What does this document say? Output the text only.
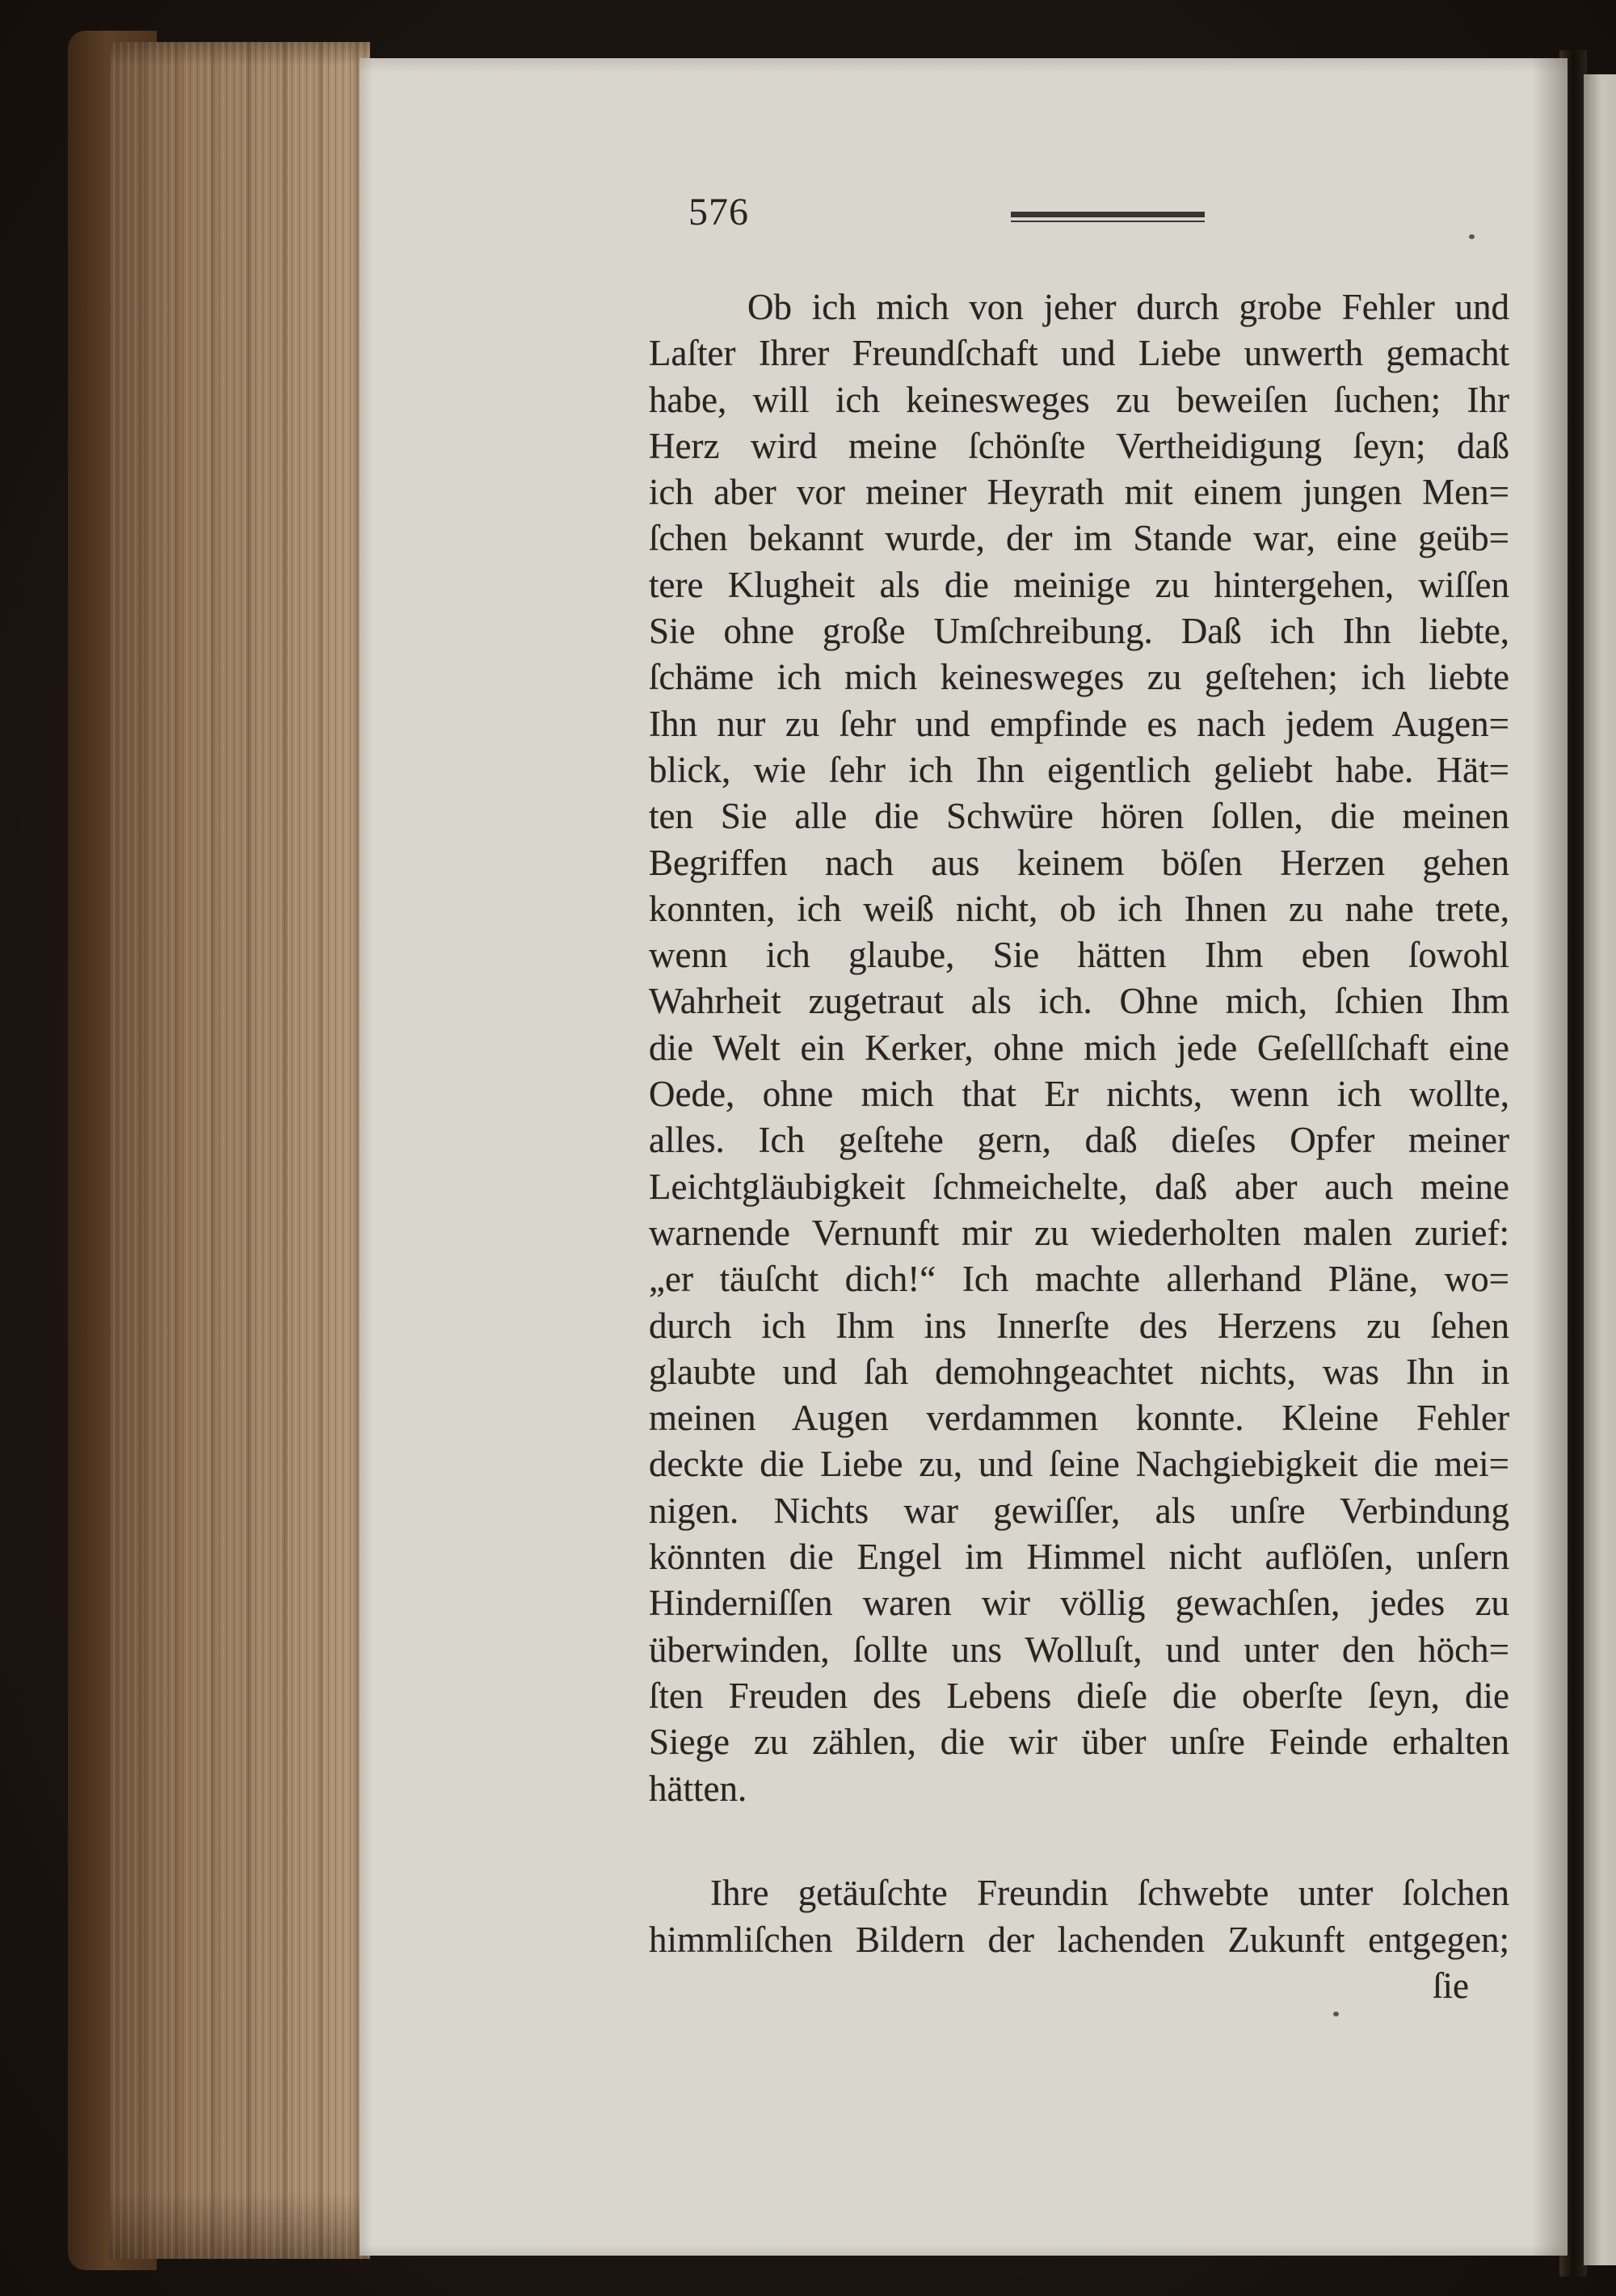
576
Ob ich mich von jeher durch grobe Fehler und
Laſter Ihrer Freundſchaft und Liebe unwerth gemacht
habe, will ich keinesweges zu beweiſen ſuchen; Ihr
Herz wird meine ſchönſte Vertheidigung ſeyn; daß
ich aber vor meiner Heyrath mit einem jungen Men=
ſchen bekannt wurde, der im Stande war, eine geüb=
tere Klugheit als die meinige zu hintergehen, wiſſen
Sie ohne große Umſchreibung. Daß ich Ihn liebte,
ſchäme ich mich keinesweges zu geſtehen; ich liebte
Ihn nur zu ſehr und empfinde es nach jedem Augen=
blick, wie ſehr ich Ihn eigentlich geliebt habe. Hät=
ten Sie alle die Schwüre hören ſollen, die meinen
Begriffen nach aus keinem böſen Herzen gehen
konnten, ich weiß nicht, ob ich Ihnen zu nahe trete,
wenn ich glaube, Sie hätten Ihm eben ſowohl
Wahrheit zugetraut als ich. Ohne mich, ſchien Ihm
die Welt ein Kerker, ohne mich jede Geſellſchaft eine
Oede, ohne mich that Er nichts, wenn ich wollte,
alles. Ich geſtehe gern, daß dieſes Opfer meiner
Leichtgläubigkeit ſchmeichelte, daß aber auch meine
warnende Vernunft mir zu wiederholten malen zurief:
„er täuſcht dich!“ Ich machte allerhand Pläne, wo=
durch ich Ihm ins Innerſte des Herzens zu ſehen
glaubte und ſah demohngeachtet nichts, was Ihn in
meinen Augen verdammen konnte. Kleine Fehler
deckte die Liebe zu, und ſeine Nachgiebigkeit die mei=
nigen. Nichts war gewiſſer, als unſre Verbindung
könnten die Engel im Himmel nicht auflöſen, unſern
Hinderniſſen waren wir völlig gewachſen, jedes zu
überwinden, ſollte uns Wolluſt, und unter den höch=
ſten Freuden des Lebens dieſe die oberſte ſeyn, die
Siege zu zählen, die wir über unſre Feinde erhalten
hätten.
Ihre getäuſchte Freundin ſchwebte unter ſolchen
himmliſchen Bildern der lachenden Zukunft entgegen;
ſie
